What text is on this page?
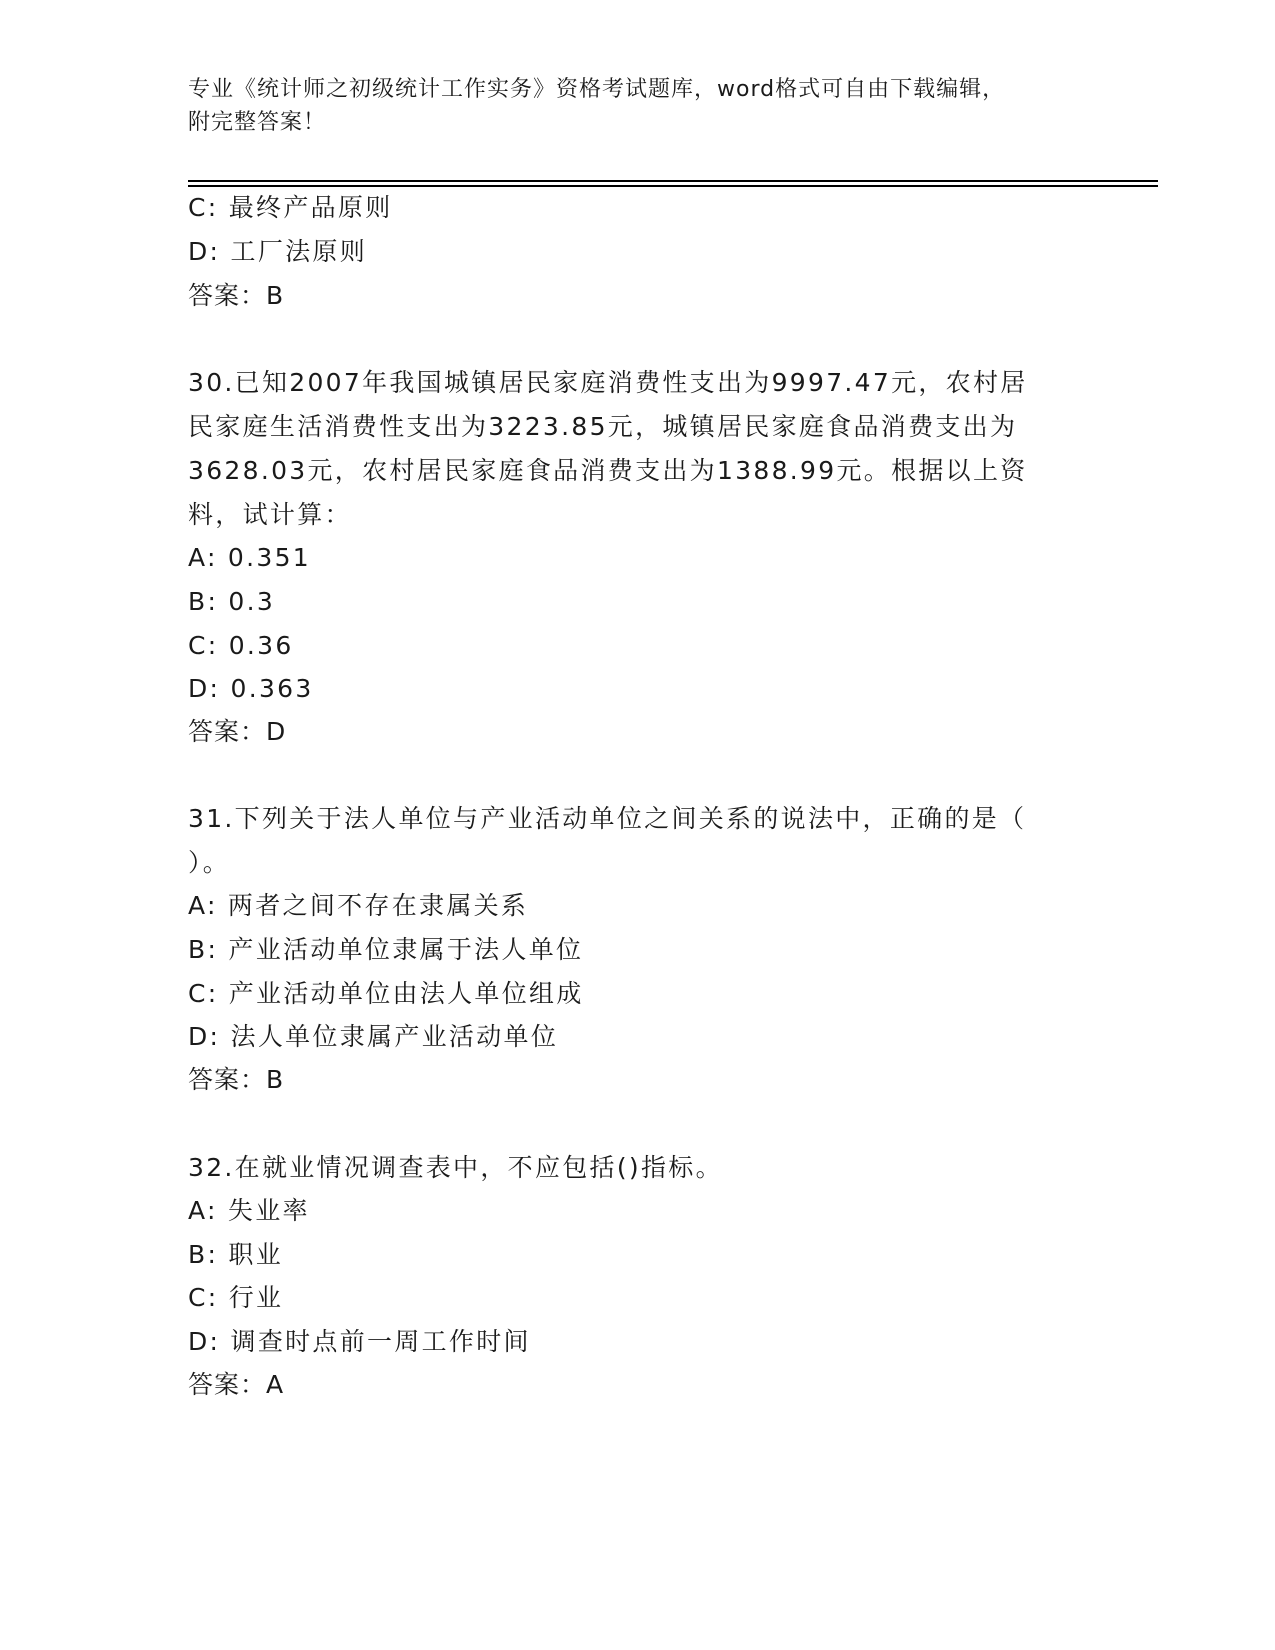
专业《统计师之初级统计工作实务》资格考试题库，word格式可自由下载编辑，
附完整答案！
C: 最终产品原则
D: 工厂法原则
答案：B
30.已知2007年我国城镇居民家庭消费性支出为9997.47元，农村居
民家庭生活消费性支出为3223.85元，城镇居民家庭食品消费支出为
3628.03元，农村居民家庭食品消费支出为1388.99元。根据以上资
料，试计算：
A: 0.351
B: 0.3
C: 0.36
D: 0.363
答案：D
31.下列关于法人单位与产业活动单位之间关系的说法中，正确的是（
）。
A: 两者之间不存在隶属关系
B: 产业活动单位隶属于法人单位
C: 产业活动单位由法人单位组成
D: 法人单位隶属产业活动单位
答案：B
32.在就业情况调查表中，不应包括()指标。
A: 失业率
B: 职业
C: 行业
D: 调查时点前一周工作时间
答案：A
